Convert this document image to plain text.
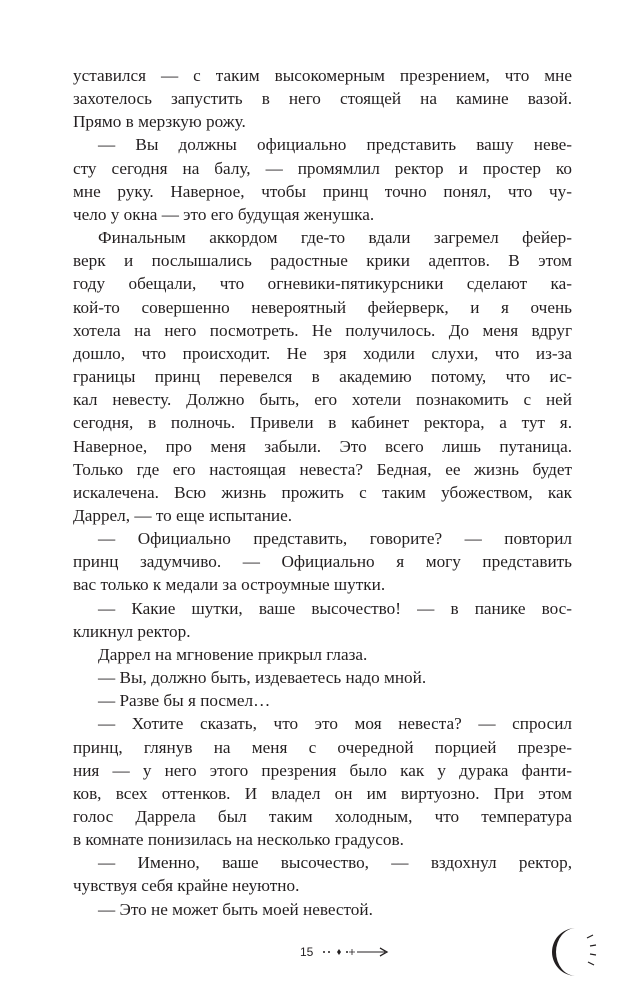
уставился — с таким высокомерным презрением, что мне
захотелось запустить в него стоящей на камине вазой.
Прямо в мерзкую рожу.
— Вы должны официально представить вашу неве-
сту сегодня на балу, — промямлил ректор и простер ко
мне руку. Наверное, чтобы принц точно понял, что чу-
чело у окна — это его будущая женушка.
Финальным аккордом где-то вдали загремел фейер-
верк и послышались радостные крики адептов. В этом
году обещали, что огневики-пятикурсники сделают ка-
кой-то совершенно невероятный фейерверк, и я очень
хотела на него посмотреть. Не получилось. До меня вдруг
дошло, что происходит. Не зря ходили слухи, что из-за
границы принц перевелся в академию потому, что ис-
кал невесту. Должно быть, его хотели познакомить с ней
сегодня, в полночь. Привели в кабинет ректора, а тут я.
Наверное, про меня забыли. Это всего лишь путаница.
Только где его настоящая невеста? Бедная, ее жизнь будет
искалечена. Всю жизнь прожить с таким убожеством, как
Даррел, — то еще испытание.
— Официально представить, говорите? — повторил
принц задумчиво. — Официально я могу представить
вас только к медали за остроумные шутки.
— Какие шутки, ваше высочество! — в панике вос-
кликнул ректор.
Даррел на мгновение прикрыл глаза.
— Вы, должно быть, издеваетесь надо мной.
— Разве бы я посмел…
— Хотите сказать, что это моя невеста? — спросил
принц, глянув на меня с очередной порцией презре-
ния — у него этого презрения было как у дурака фанти-
ков, всех оттенков. И владел он им виртуозно. При этом
голос Даррела был таким холодным, что температура
в комнате понизилась на несколько градусов.
— Именно, ваше высочество, — вздохнул ректор,
чувствуя себя крайне неуютно.
— Это не может быть моей невестой.
15
